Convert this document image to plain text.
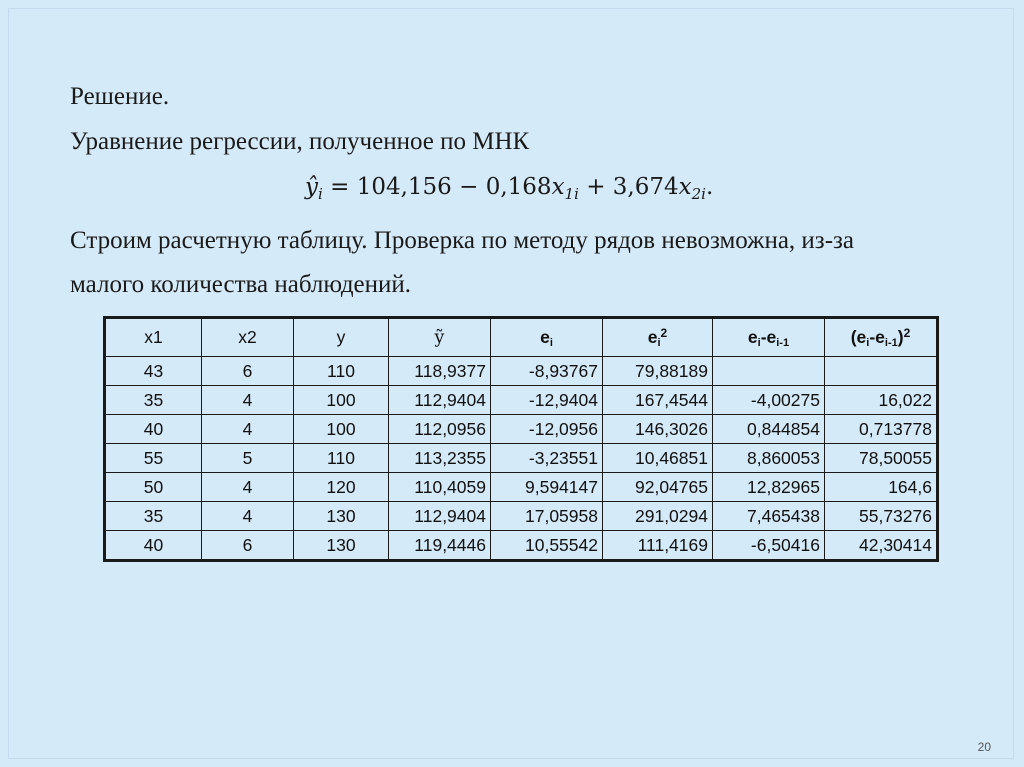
Решение.
Уравнение регрессии, полученное по МНК
$ŷ_i = 104,156 - 0,168x_{1i} + 3,674x_{2i}$.
Строим расчетную таблицу. Проверка по методу рядов невозможна, из-за
малого количества наблюдений.
x1	x2	y	ỹ	$e_i$	$e_i^2$	$e_i-e_{i-1}$	$(e_i-e_{i-1})^2$
43	6	110	118,9377	-8,93767	79,88189		
35	4	100	112,9404	-12,9404	167,4544	-4,00275	16,022
40	4	100	112,0956	-12,0956	146,3026	0,844854	0,713778
55	5	110	113,2355	-3,23551	10,46851	8,860053	78,50055
50	4	120	110,4059	9,594147	92,04765	12,82965	164,6
35	4	130	112,9404	17,05958	291,0294	7,465438	55,73276
40	6	130	119,4446	10,55542	111,4169	-6,50416	42,30414
20
